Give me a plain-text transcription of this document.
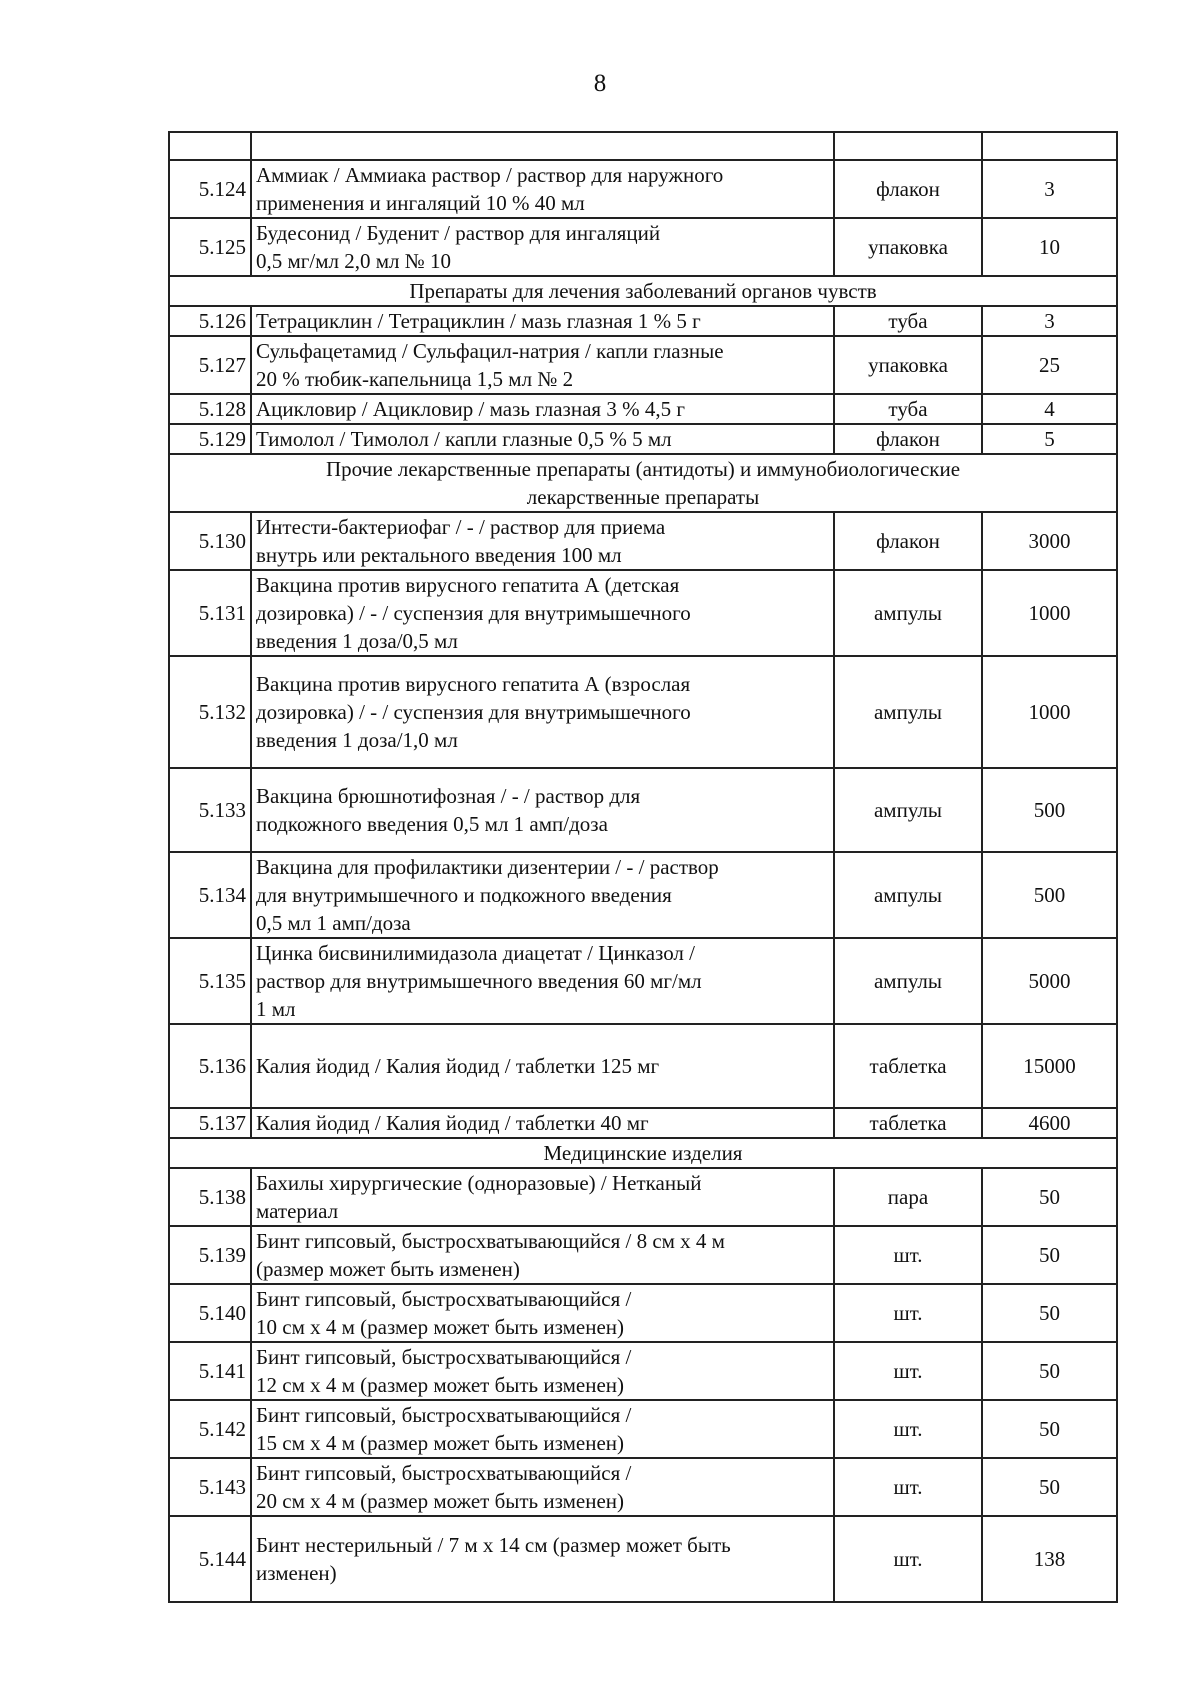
8

5.124	Аммиак / Аммиака раствор / раствор для наружного
применения и ингаляций 10 % 40 мл	флакон	3
5.125	Будесонид / Буденит / раствор для ингаляций
0,5 мг/мл 2,0 мл № 10	упаковка	10

Препараты для лечения заболеваний органов чувств			

5.126	Тетрациклин / Тетрациклин / мазь глазная 1 % 5 г	туба	3
5.127	Сульфацетамид / Сульфацил-натрия / капли глазные
20 % тюбик-капельница 1,5 мл № 2	упаковка	25
5.128	Ацикловир / Ацикловир / мазь глазная 3 % 4,5 г	туба	4
5.129	Тимолол / Тимолол / капли глазные 0,5 % 5 мл	флакон	5

Прочие лекарственные препараты (антидоты) и иммунобиологические
лекарственные препараты			

5.130	Интести-бактериофаг / - / раствор для приема
внутрь или ректального введения 100 мл	флакон	3000
5.131	Вакцина против вирусного гепатита А (детская
дозировка) / - / суспензия для внутримышечного
введения 1 доза/0,5 мл	ампулы	1000
5.132	Вакцина против вирусного гепатита А (взрослая
дозировка) / - / суспензия для внутримышечного
введения 1 доза/1,0 мл	ампулы	1000
5.133	Вакцина брюшнотифозная / - / раствор для
подкожного введения 0,5 мл 1 амп/доза	ампулы	500
5.134	Вакцина для профилактики дизентерии / - / раствор
для внутримышечного и подкожного введения
0,5 мл 1 амп/доза	ампулы	500
5.135	Цинка бисвинилимидазола диацетат / Цинказол /
раствор для внутримышечного введения 60 мг/мл
1 мл	ампулы	5000
5.136	Калия йодид / Калия йодид / таблетки 125 мг	таблетка	15000
5.137	Калия йодид / Калия йодид / таблетки 40 мг	таблетка	4600

Медицинские изделия			

5.138	Бахилы хирургические (одноразовые) / Нетканый
материал	пара	50
5.139	Бинт гипсовый, быстросхватывающийся / 8 см х 4 м
(размер может быть изменен)	шт.	50
5.140	Бинт гипсовый, быстросхватывающийся /
10 см х 4 м (размер может быть изменен)	шт.	50
5.141	Бинт гипсовый, быстросхватывающийся /
12 см х 4 м (размер может быть изменен)	шт.	50
5.142	Бинт гипсовый, быстросхватывающийся /
15 см х 4 м (размер может быть изменен)	шт.	50
5.143	Бинт гипсовый, быстросхватывающийся /
20 см х 4 м (размер может быть изменен)	шт.	50
5.144	Бинт нестерильный / 7 м х 14 см (размер может быть
изменен)	шт.	138
